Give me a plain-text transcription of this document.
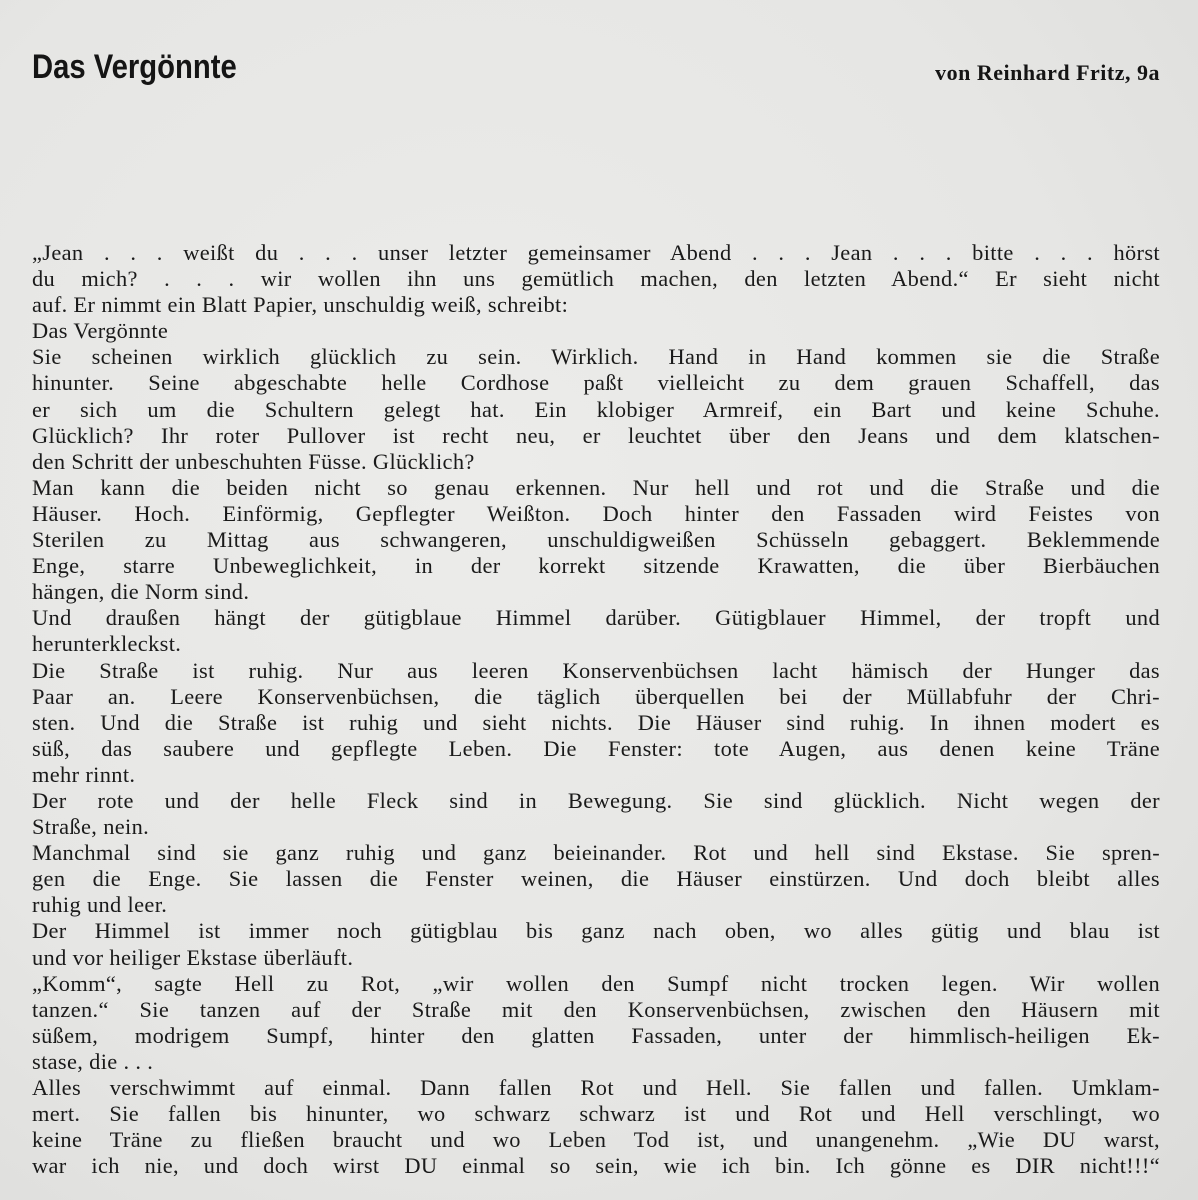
Das Vergönnte	von Reinhard Fritz, 9a
„Jean . . . weißt du . . . unser letzter gemeinsamer Abend . . . Jean . . . bitte . . . hörst
du mich? . . . wir wollen ihn uns gemütlich machen, den letzten Abend.“ Er sieht nicht
auf. Er nimmt ein Blatt Papier, unschuldig weiß, schreibt:
Das Vergönnte
Sie scheinen wirklich glücklich zu sein. Wirklich. Hand in Hand kommen sie die Straße
hinunter. Seine abgeschabte helle Cordhose paßt vielleicht zu dem grauen Schaffell, das
er sich um die Schultern gelegt hat. Ein klobiger Armreif, ein Bart und keine Schuhe.
Glücklich? Ihr roter Pullover ist recht neu, er leuchtet über den Jeans und dem klatschen-
den Schritt der unbeschuhten Füsse. Glücklich?
Man kann die beiden nicht so genau erkennen. Nur hell und rot und die Straße und die
Häuser. Hoch. Einförmig, Gepflegter Weißton. Doch hinter den Fassaden wird Feistes von
Sterilen zu Mittag aus schwangeren, unschuldigweißen Schüsseln gebaggert. Beklemmende
Enge, starre Unbeweglichkeit, in der korrekt sitzende Krawatten, die über Bierbäuchen
hängen, die Norm sind.
Und draußen hängt der gütigblaue Himmel darüber. Gütigblauer Himmel, der tropft und
herunterkleckst.
Die Straße ist ruhig. Nur aus leeren Konservenbüchsen lacht hämisch der Hunger das
Paar an. Leere Konservenbüchsen, die täglich überquellen bei der Müllabfuhr der Chri-
sten. Und die Straße ist ruhig und sieht nichts. Die Häuser sind ruhig. In ihnen modert es
süß, das saubere und gepflegte Leben. Die Fenster: tote Augen, aus denen keine Träne
mehr rinnt.
Der rote und der helle Fleck sind in Bewegung. Sie sind glücklich. Nicht wegen der
Straße, nein.
Manchmal sind sie ganz ruhig und ganz beieinander. Rot und hell sind Ekstase. Sie spren-
gen die Enge. Sie lassen die Fenster weinen, die Häuser einstürzen. Und doch bleibt alles
ruhig und leer.
Der Himmel ist immer noch gütigblau bis ganz nach oben, wo alles gütig und blau ist
und vor heiliger Ekstase überläuft.
„Komm“, sagte Hell zu Rot, „wir wollen den Sumpf nicht trocken legen. Wir wollen
tanzen.“ Sie tanzen auf der Straße mit den Konservenbüchsen, zwischen den Häusern mit
süßem, modrigem Sumpf, hinter den glatten Fassaden, unter der himmlisch-heiligen Ek-
stase, die . . .
Alles verschwimmt auf einmal. Dann fallen Rot und Hell. Sie fallen und fallen. Umklam-
mert. Sie fallen bis hinunter, wo schwarz schwarz ist und Rot und Hell verschlingt, wo
keine Träne zu fließen braucht und wo Leben Tod ist, und unangenehm. „Wie DU warst,
war ich nie, und doch wirst DU einmal so sein, wie ich bin. Ich gönne es DIR nicht!!!“
